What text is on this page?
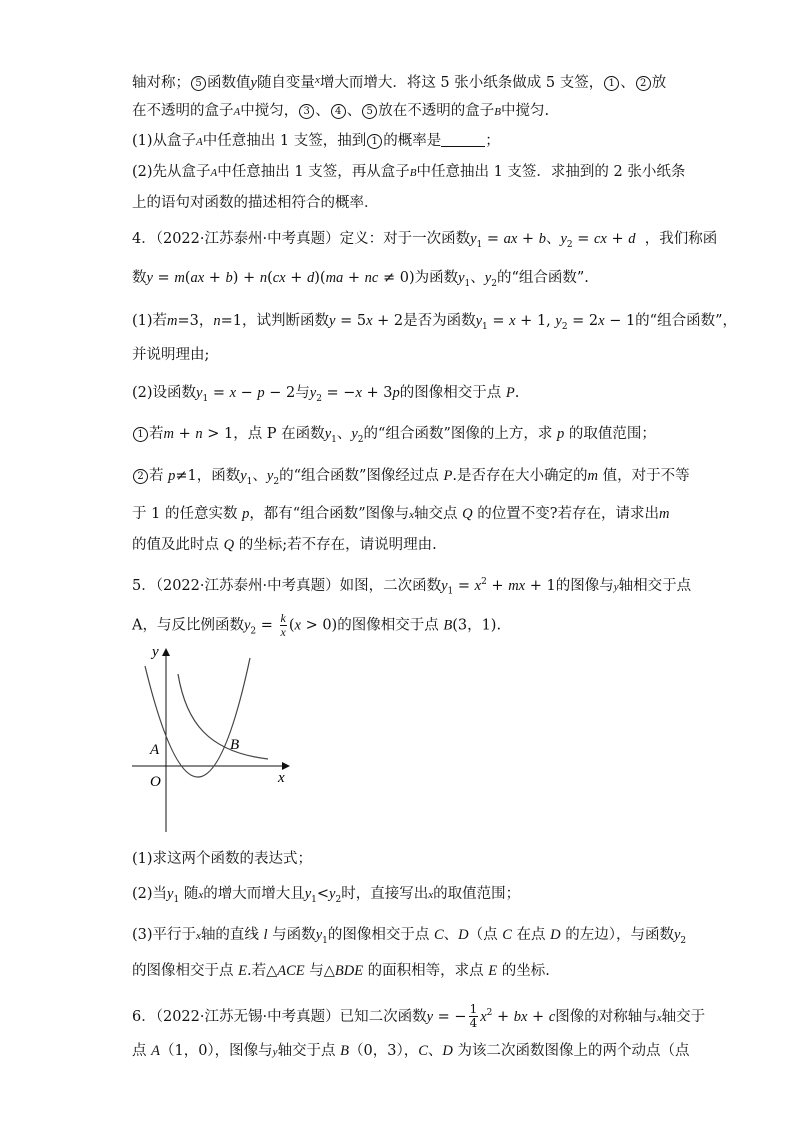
轴对称； 5 函数值y随自变量$^x$增大而增大．将这 5 张小纸条做成 5 支签， 1 、 2 放
在不透明的盒子A中搅匀， 3 、 4 、 5 放在不透明的盒子B中搅匀.
(1)从盒子A中任意抽出 1 支签，抽到 1 的概率是	；
(2)先从盒子A中任意抽出 1 支签，再从盒子B中任意抽出 1 支签．求抽到的 2 张小纸条
上的语句对函数的描述相符合的概率．
4．（2022·江苏泰州·中考真题）定义：对于一次函数$y_1$ = ax + b、$y_2$ = cx + d  ，我们称函
数y = m(ax + b) + n(cx + d)(ma + nc ≠ 0)为函数$y_1$、$y_2$的“组合函数”.
(1)若m=3，n=1，试判断函数y = 5x + 2是否为函数$y_1 = x + 1$, $y_2 = 2x - 1$的“组合函数”，
并说明理由;
(2)设函数$y_1 = x - p - 2$与$y_2 = -x + 3p$的图像相交于点 P.
1 若m + n > 1，点 P 在函数$y_1$、$y_2$的“组合函数”图像的上方，求 p 的取值范围；
2 若 p≠1，函数$y_1$、$y_2$的“组合函数”图像经过点 P.是否存在大小确定的m 值，对于不等
于 1 的任意实数 p，都有“组合函数”图像与x轴交点 Q 的位置不变?若存在，请求出m
的值及此时点 Q 的坐标;若不存在，请说明理由.
5．（2022·江苏泰州·中考真题）如图，二次函数$y_1 = x^2$ + mx + 1的图像与y轴相交于点
A，与反比例函数$y_2 = \frac{k}{x} (x > 0)$的图像相交于点 B(3，1).
y
x
O
A	B
(1)求这两个函数的表达式；
(2)当$y_1$ 随x的增大而增大且$y_1<y_2$时，直接写出x的取值范围；
(3)平行于x轴的直线 l 与函数$y_1$的图像相交于点 C、D（点 C 在点 D 的左边），与函数$y_2$
的图像相交于点 E.若△ACE 与△BDE 的面积相等，求点 E 的坐标.
6．（2022·江苏无锡·中考真题）已知二次函数y = − $\frac{1}{4} x^2$ + bx + c图像的对称轴与x轴交于
点 A（1，0），图像与y轴交于点 B（0，3），C、D 为该二次函数图像上的两个动点（点
